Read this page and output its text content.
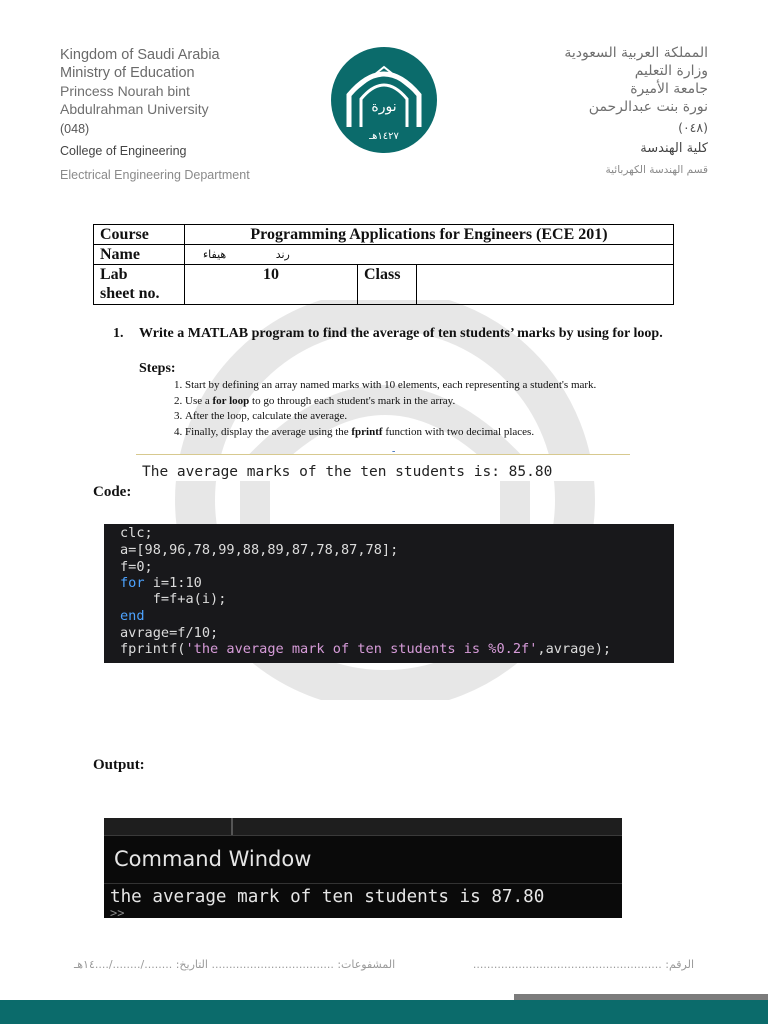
Kingdom of Saudi Arabia
Ministry of Education
Princess Nourah bint
Abdulrahman University
(048)
College of Engineering
Electrical Engineering Department
نورة
١٤٢٧هـ
المملكة العربية السعودية
وزارة التعليم
جامعة الأميرة
نورة بنت عبدالرحمن
(٠٤٨)
كلية الهندسة
قسم الهندسة الكهربائية
Course	Programming Applications for Engineers (ECE 201)		
Name	هيفاء رند		
Lab
sheet no.	10	Class	
1. Write a MATLAB program to find the average of ten students’ marks by using for loop.
Steps:
1. Start by defining an array named marks with 10 elements, each representing a student's mark.
2. Use a for loop to go through each student's mark in the array.
3. After the loop, calculate the average.
4. Finally, display the average using the fprintf function with two decimal places.
-
The average marks of the ten students is: 85.80
Code:
clc;
a=[98,96,78,99,88,89,87,78,87,78];
f=0;
for i=1:10
f=f+a(i);
end
avrage=f/10;
fprintf('the average mark of ten students is %0.2f',avrage);
Output:
Command Window
the average mark of ten students is 87.80
>>
المشفوعات: ................................... التاريخ: ......../......../....١٤هـ	الرقم: ......................................................
